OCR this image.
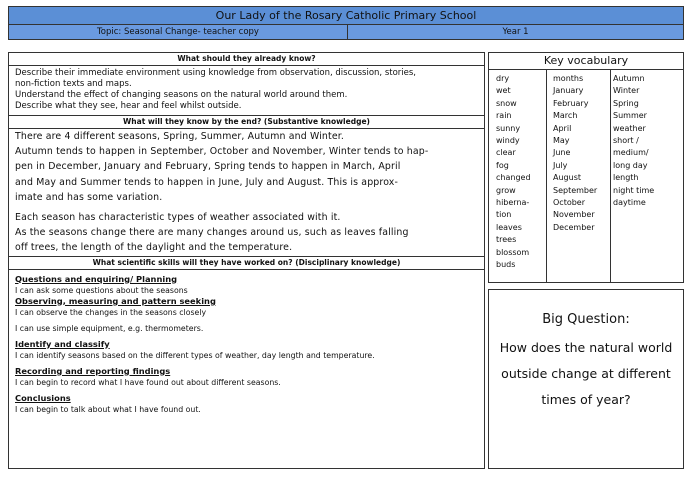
Our Lady of the Rosary Catholic Primary School
Topic: Seasonal Change- teacher copy	Year 1
What should they already know?
Describe their immediate environment using knowledge from observation, discussion, stories,
non-fiction texts and maps.
Understand the effect of changing seasons on the natural world around them.
Describe what they see, hear and feel whilst outside.
What will they know by the end? (Substantive knowledge)

There are 4 different seasons, Spring, Summer, Autumn and Winter.
Autumn tends to happen in September, October and November, Winter tends to hap-
pen in December, January and February, Spring tends to happen in March, April
and May and Summer tends to happen in June, July and August. This is approx-
imate and has some variation.

Each season has characteristic types of weather associated with it.
As the seasons change there are many changes around us, such as leaves falling
off trees, the length of the daylight and the temperature.

What scientific skills will they have worked on? (Disciplinary knowledge)
Questions and enquiring/ Planning
I can ask some questions about the seasons
Observing, measuring and pattern seeking
I can observe the changes in the seasons closely
I can use simple equipment, e.g. thermometers.
Identify and classify
I can identify seasons based on the different types of weather, day length and temperature.
Recording and reporting findings
I can begin to record what I have found out about different seasons.
Conclusions
I can begin to talk about what I have found out.
Key vocabulary
dry
wet
snow
rain
sunny
windy
clear
fog
changed
grow
hiberna-
tion
leaves
trees
blossom
buds
months
January
February
March
April
May
June
July
August
September
October
November
December
Autumn
Winter
Spring
Summer
weather
short /
medium/
long day
length
night time
daytime
Big Question:
How does the natural world outside change at different times of year?
